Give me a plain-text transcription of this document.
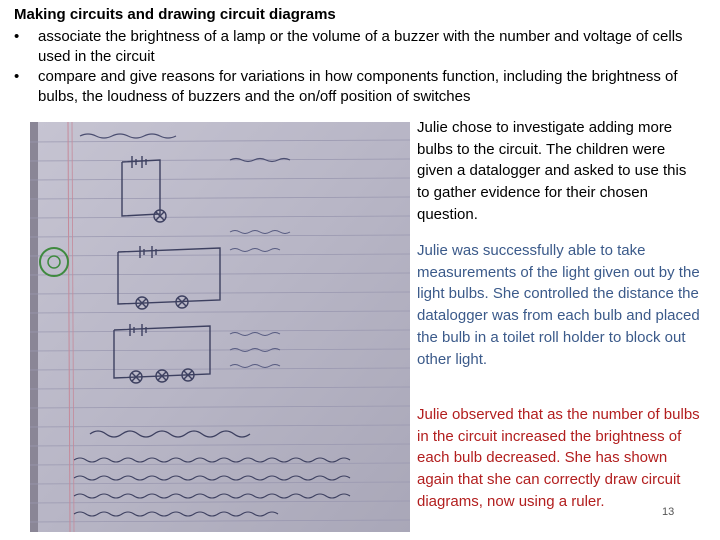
Making circuits and drawing circuit diagrams
• associate the brightness of a lamp or the volume of a buzzer with the number and voltage of cells used in the circuit
• compare and give reasons for variations in how components function, including the brightness of bulbs, the loudness of buzzers and the on/off position of switches

Julie chose to investigate adding more bulbs to the circuit. The children were given a datalogger and asked to use this to gather evidence for their chosen question.

Julie was successfully able to take measurements of the light given out by the light bulbs. She controlled the distance the datalogger was from each bulb and placed the bulb in a toilet roll holder to block out other light.

Julie observed that as the number of bulbs in the circuit increased the brightness of each bulb decreased. She has shown again that she can correctly draw circuit diagrams, now using a ruler.

13
